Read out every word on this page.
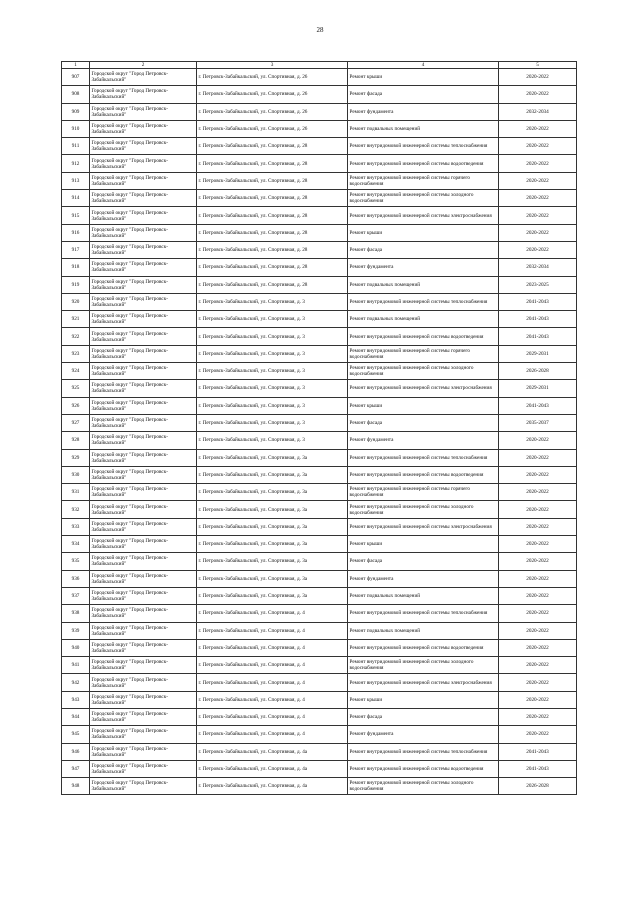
28
1	2	3	4	5
907	Городской округ "Город Петровск-Забайкальский"	г. Петровск-Забайкальский, ул. Спортивная, д. 26	Ремонт крыши	2020-2022
908	Городской округ "Город Петровск-Забайкальский"	г. Петровск-Забайкальский, ул. Спортивная, д. 26	Ремонт фасада	2020-2022
909	Городской округ "Город Петровск-Забайкальский"	г. Петровск-Забайкальский, ул. Спортивная, д. 26	Ремонт фундамента	2032-2034
910	Городской округ "Город Петровск-Забайкальский"	г. Петровск-Забайкальский, ул. Спортивная, д. 26	Ремонт подвальных помещений	2020-2022
911	Городской округ "Город Петровск-Забайкальский"	г. Петровск-Забайкальский, ул. Спортивная, д. 28	Ремонт внутридомовой инженерной системы теплоснабжения	2020-2022
912	Городской округ "Город Петровск-Забайкальский"	г. Петровск-Забайкальский, ул. Спортивная, д. 28	Ремонт внутридомовой инженерной системы водоотведения	2020-2022
913	Городской округ "Город Петровск-Забайкальский"	г. Петровск-Забайкальский, ул. Спортивная, д. 28	Ремонт внутридомовой инженерной системы горячего водоснабжения	2020-2022
914	Городской округ "Город Петровск-Забайкальский"	г. Петровск-Забайкальский, ул. Спортивная, д. 28	Ремонт внутридомовой инженерной системы холодного водоснабжения	2020-2022
915	Городской округ "Город Петровск-Забайкальский"	г. Петровск-Забайкальский, ул. Спортивная, д. 28	Ремонт внутридомовой инженерной системы электроснабжения	2020-2022
916	Городской округ "Город Петровск-Забайкальский"	г. Петровск-Забайкальский, ул. Спортивная, д. 28	Ремонт крыши	2020-2022
917	Городской округ "Город Петровск-Забайкальский"	г. Петровск-Забайкальский, ул. Спортивная, д. 28	Ремонт фасада	2020-2022
918	Городской округ "Город Петровск-Забайкальский"	г. Петровск-Забайкальский, ул. Спортивная, д. 28	Ремонт фундамента	2032-2034
919	Городской округ "Город Петровск-Забайкальский"	г. Петровск-Забайкальский, ул. Спортивная, д. 28	Ремонт подвальных помещений	2023-2025
920	Городской округ "Город Петровск-Забайкальский"	г. Петровск-Забайкальский, ул. Спортивная, д. 3	Ремонт внутридомовой инженерной системы теплоснабжения	2041-2043
921	Городской округ "Город Петровск-Забайкальский"	г. Петровск-Забайкальский, ул. Спортивная, д. 3	Ремонт подвальных помещений	2041-2043
922	Городской округ "Город Петровск-Забайкальский"	г. Петровск-Забайкальский, ул. Спортивная, д. 3	Ремонт внутридомовой инженерной системы водоотведения	2041-2043
923	Городской округ "Город Петровск-Забайкальский"	г. Петровск-Забайкальский, ул. Спортивная, д. 3	Ремонт внутридомовой инженерной системы горячего водоснабжения	2029-2031
924	Городской округ "Город Петровск-Забайкальский"	г. Петровск-Забайкальский, ул. Спортивная, д. 3	Ремонт внутридомовой инженерной системы холодного водоснабжения	2026-2028
925	Городской округ "Город Петровск-Забайкальский"	г. Петровск-Забайкальский, ул. Спортивная, д. 3	Ремонт внутридомовой инженерной системы электроснабжения	2029-2031
926	Городской округ "Город Петровск-Забайкальский"	г. Петровск-Забайкальский, ул. Спортивная, д. 3	Ремонт крыши	2041-2043
927	Городской округ "Город Петровск-Забайкальский"	г. Петровск-Забайкальский, ул. Спортивная, д. 3	Ремонт фасада	2035-2037
928	Городской округ "Город Петровск-Забайкальский"	г. Петровск-Забайкальский, ул. Спортивная, д. 3	Ремонт фундамента	2020-2022
929	Городской округ "Город Петровск-Забайкальский"	г. Петровск-Забайкальский, ул. Спортивная, д. 3а	Ремонт внутридомовой инженерной системы теплоснабжения	2020-2022
930	Городской округ "Город Петровск-Забайкальский"	г. Петровск-Забайкальский, ул. Спортивная, д. 3а	Ремонт внутридомовой инженерной системы водоотведения	2020-2022
931	Городской округ "Город Петровск-Забайкальский"	г. Петровск-Забайкальский, ул. Спортивная, д. 3а	Ремонт внутридомовой инженерной системы горячего водоснабжения	2020-2022
932	Городской округ "Город Петровск-Забайкальский"	г. Петровск-Забайкальский, ул. Спортивная, д. 3а	Ремонт внутридомовой инженерной системы холодного водоснабжения	2020-2022
933	Городской округ "Город Петровск-Забайкальский"	г. Петровск-Забайкальский, ул. Спортивная, д. 3а	Ремонт внутридомовой инженерной системы электроснабжения	2020-2022
934	Городской округ "Город Петровск-Забайкальский"	г. Петровск-Забайкальский, ул. Спортивная, д. 3а	Ремонт крыши	2020-2022
935	Городской округ "Город Петровск-Забайкальский"	г. Петровск-Забайкальский, ул. Спортивная, д. 3а	Ремонт фасада	2020-2022
936	Городской округ "Город Петровск-Забайкальский"	г. Петровск-Забайкальский, ул. Спортивная, д. 3а	Ремонт фундамента	2020-2022
937	Городской округ "Город Петровск-Забайкальский"	г. Петровск-Забайкальский, ул. Спортивная, д. 3а	Ремонт подвальных помещений	2020-2022
938	Городской округ "Город Петровск-Забайкальский"	г. Петровск-Забайкальский, ул. Спортивная, д. 4	Ремонт внутридомовой инженерной системы теплоснабжения	2020-2022
939	Городской округ "Город Петровск-Забайкальский"	г. Петровск-Забайкальский, ул. Спортивная, д. 4	Ремонт подвальных помещений	2020-2022
940	Городской округ "Город Петровск-Забайкальский"	г. Петровск-Забайкальский, ул. Спортивная, д. 4	Ремонт внутридомовой инженерной системы водоотведения	2020-2022
941	Городской округ "Город Петровск-Забайкальский"	г. Петровск-Забайкальский, ул. Спортивная, д. 4	Ремонт внутридомовой инженерной системы холодного водоснабжения	2020-2022
942	Городской округ "Город Петровск-Забайкальский"	г. Петровск-Забайкальский, ул. Спортивная, д. 4	Ремонт внутридомовой инженерной системы электроснабжения	2020-2022
943	Городской округ "Город Петровск-Забайкальский"	г. Петровск-Забайкальский, ул. Спортивная, д. 4	Ремонт крыши	2020-2022
944	Городской округ "Город Петровск-Забайкальский"	г. Петровск-Забайкальский, ул. Спортивная, д. 4	Ремонт фасада	2020-2022
945	Городской округ "Город Петровск-Забайкальский"	г. Петровск-Забайкальский, ул. Спортивная, д. 4	Ремонт фундамента	2020-2022
946	Городской округ "Город Петровск-Забайкальский"	г. Петровск-Забайкальский, ул. Спортивная, д. 4а	Ремонт внутридомовой инженерной системы теплоснабжения	2041-2043
947	Городской округ "Город Петровск-Забайкальский"	г. Петровск-Забайкальский, ул. Спортивная, д. 4а	Ремонт внутридомовой инженерной системы водоотведения	2041-2043
948	Городской округ "Город Петровск-Забайкальский"	г. Петровск-Забайкальский, ул. Спортивная, д. 4а	Ремонт внутридомовой инженерной системы холодного водоснабжения	2026-2028
